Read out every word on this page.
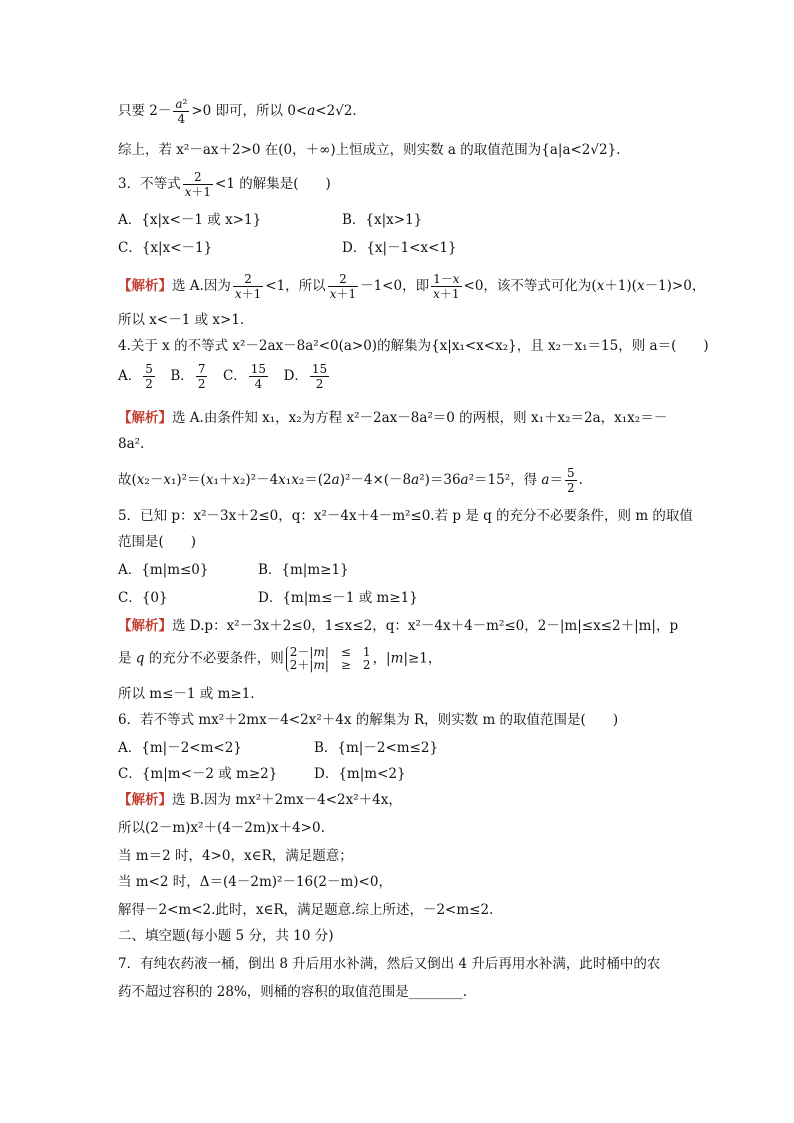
只要 $2- \frac{\text{a²}}{4} >0$ 即可，所以 0<a<2√2.
综上，若 x²－ax＋2>0 在(0，＋∞)上恒成立，则实数 a 的取值范围为{a|a<2√2}.
3．不等式 $\frac{2}{x+1} <1$ 的解集是(　　)
A．{x|x<－1 或 x>1}	B．{x|x>1}
C．{x|x<－1}	D．{x|－1<x<1}
【解析】选 A.因为 $\frac{2}{x+1} <1$，所以 $\frac{2}{x+1} -1<0$，即 $\frac{1-x}{x+1} <0$，该不等式可化为(x＋1)(x－1)>0，
所以 x<－1 或 x>1.
4.关于 x 的不等式 x²－2ax－8a²<0(a>0)的解集为{x|x₁<x<x₂}，且 x₂－x₁＝15，则 a＝(　　)
A． $\frac{5}{2}$ 　B． $\frac{7}{2}$ 　C． $\frac{15}{4}$ 　D． $\frac{15}{2}$
【解析】选 A.由条件知 x₁，x₂为方程 x²－2ax－8a²＝0 的两根，则 x₁＋x₂＝2a，x₁x₂＝－
8a².
故(x₂－x₁)²＝(x₁＋x₂)²－4x₁x₂＝(2a)²－4×(－8a²)＝36a²＝15²，得 $a= \frac{5}{2}$ .
5．已知 p：x²－3x＋2≤0，q：x²－4x＋4－m²≤0.若 p 是 q 的充分不必要条件，则 m 的取值
范围是(　　)
A．{m|m≤0}	B．{m|m≥1}
C．{0}	D．{m|m≤－1 或 m≥1}
【解析】选 D.p：x²－3x＋2≤0，1≤x≤2，q：x²－4x＋4－m²≤0，2－|m|≤x≤2＋|m|，p
是 q 的充分不必要条件，则 2－|m|　≤　1
2＋|m|　≥　2 ，|m|≥1，
所以 m≤－1 或 m≥1.
6．若不等式 mx²＋2mx－4<2x²＋4x 的解集为 R，则实数 m 的取值范围是(　　)
A．{m|－2<m<2}	B．{m|－2<m≤2}
C．{m|m<－2 或 m≥2}	D．{m|m<2}
【解析】选 B.因为 mx²＋2mx－4<2x²＋4x，
所以(2－m)x²＋(4－2m)x＋4>0.
当 m＝2 时，4>0，x∈R，满足题意；
当 m<2 时，Δ＝(4－2m)²－16(2－m)<0，
解得－2<m<2.此时，x∈R，满足题意.综上所述，－2<m≤2.
二、填空题(每小题 5 分，共 10 分)
7．有纯农药液一桶，倒出 8 升后用水补满，然后又倒出 4 升后再用水补满，此时桶中的农
药不超过容积的 28%，则桶的容积的取值范围是________.
